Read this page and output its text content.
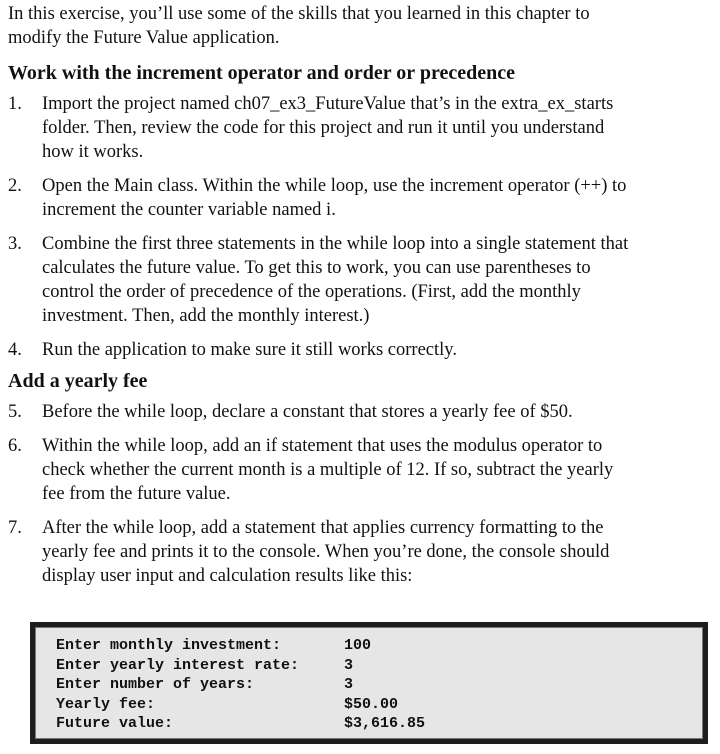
In this exercise, you’ll use some of the skills that you learned in this chapter to
modify the Future Value application.
Work with the increment operator and order or precedence
1. Import the project named ch07_ex3_FutureValue that’s in the extra_ex_starts
folder. Then, review the code for this project and run it until you understand
how it works.
2. Open the Main class. Within the while loop, use the increment operator (++) to
increment the counter variable named i.
3. Combine the first three statements in the while loop into a single statement that
calculates the future value. To get this to work, you can use parentheses to
control the order of precedence of the operations. (First, add the monthly
investment. Then, add the monthly interest.)
4. Run the application to make sure it still works correctly.
Add a yearly fee
5. Before the while loop, declare a constant that stores a yearly fee of $50.
6. Within the while loop, add an if statement that uses the modulus operator to
check whether the current month is a multiple of 12. If so, subtract the yearly
fee from the future value.
7. After the while loop, add a statement that applies currency formatting to the
yearly fee and prints it to the console. When you’re done, the console should
display user input and calculation results like this:
Enter monthly investment:	100
Enter yearly interest rate:	3
Enter number of years:	3
Yearly fee:	$50.00
Future value:	$3,616.85
